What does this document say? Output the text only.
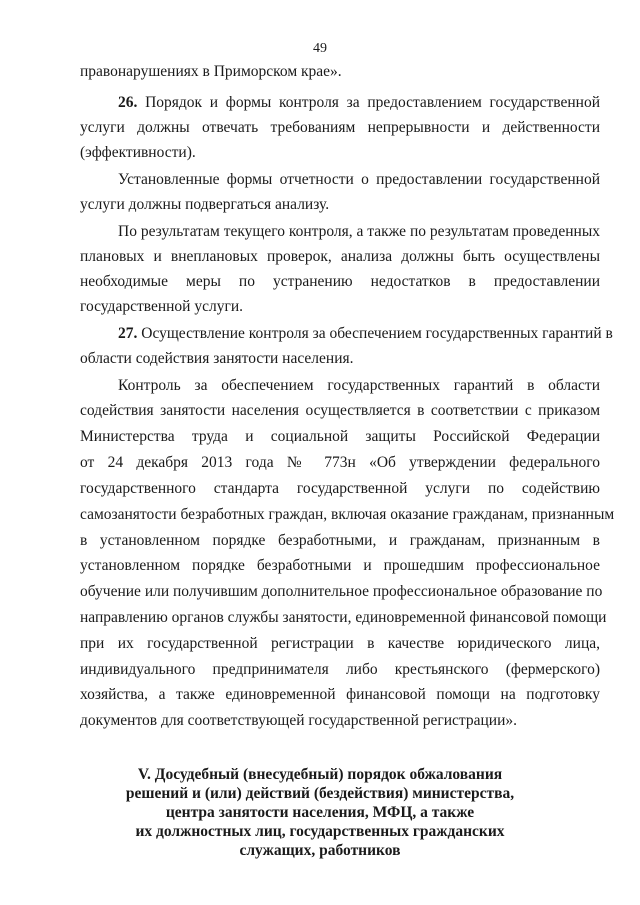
49
правонарушениях в Приморском крае».
26. Порядок и формы контроля за предоставлением государственной
услуги должны отвечать требованиям непрерывности и действенности
(эффективности).
Установленные формы отчетности о предоставлении государственной
услуги должны подвергаться анализу.
По результатам текущего контроля, а также по результатам проведенных
плановых и внеплановых проверок, анализа должны быть осуществлены
необходимые меры по устранению недостатков в предоставлении
государственной услуги.
27. Осуществление контроля за обеспечением государственных гарантий в
области содействия занятости населения.
Контроль за обеспечением государственных гарантий в области
содействия занятости населения осуществляется в соответствии с приказом
Министерства труда и социальной защиты Российской Федерации
от 24 декабря 2013 года № 773н «Об утверждении федерального
государственного стандарта государственной услуги по содействию
самозанятости безработных граждан, включая оказание гражданам, признанным
в установленном порядке безработными, и гражданам, признанным в
установленном порядке безработными и прошедшим профессиональное
обучение или получившим дополнительное профессиональное образование по
направлению органов службы занятости, единовременной финансовой помощи
при их государственной регистрации в качестве юридического лица,
индивидуального предпринимателя либо крестьянского (фермерского)
хозяйства, а также единовременной финансовой помощи на подготовку
документов для соответствующей государственной регистрации».
V. Досудебный (внесудебный) порядок обжалования
решений и (или) действий (бездействия) министерства,
центра занятости населения, МФЦ, а также
их должностных лиц, государственных гражданских
служащих, работников
